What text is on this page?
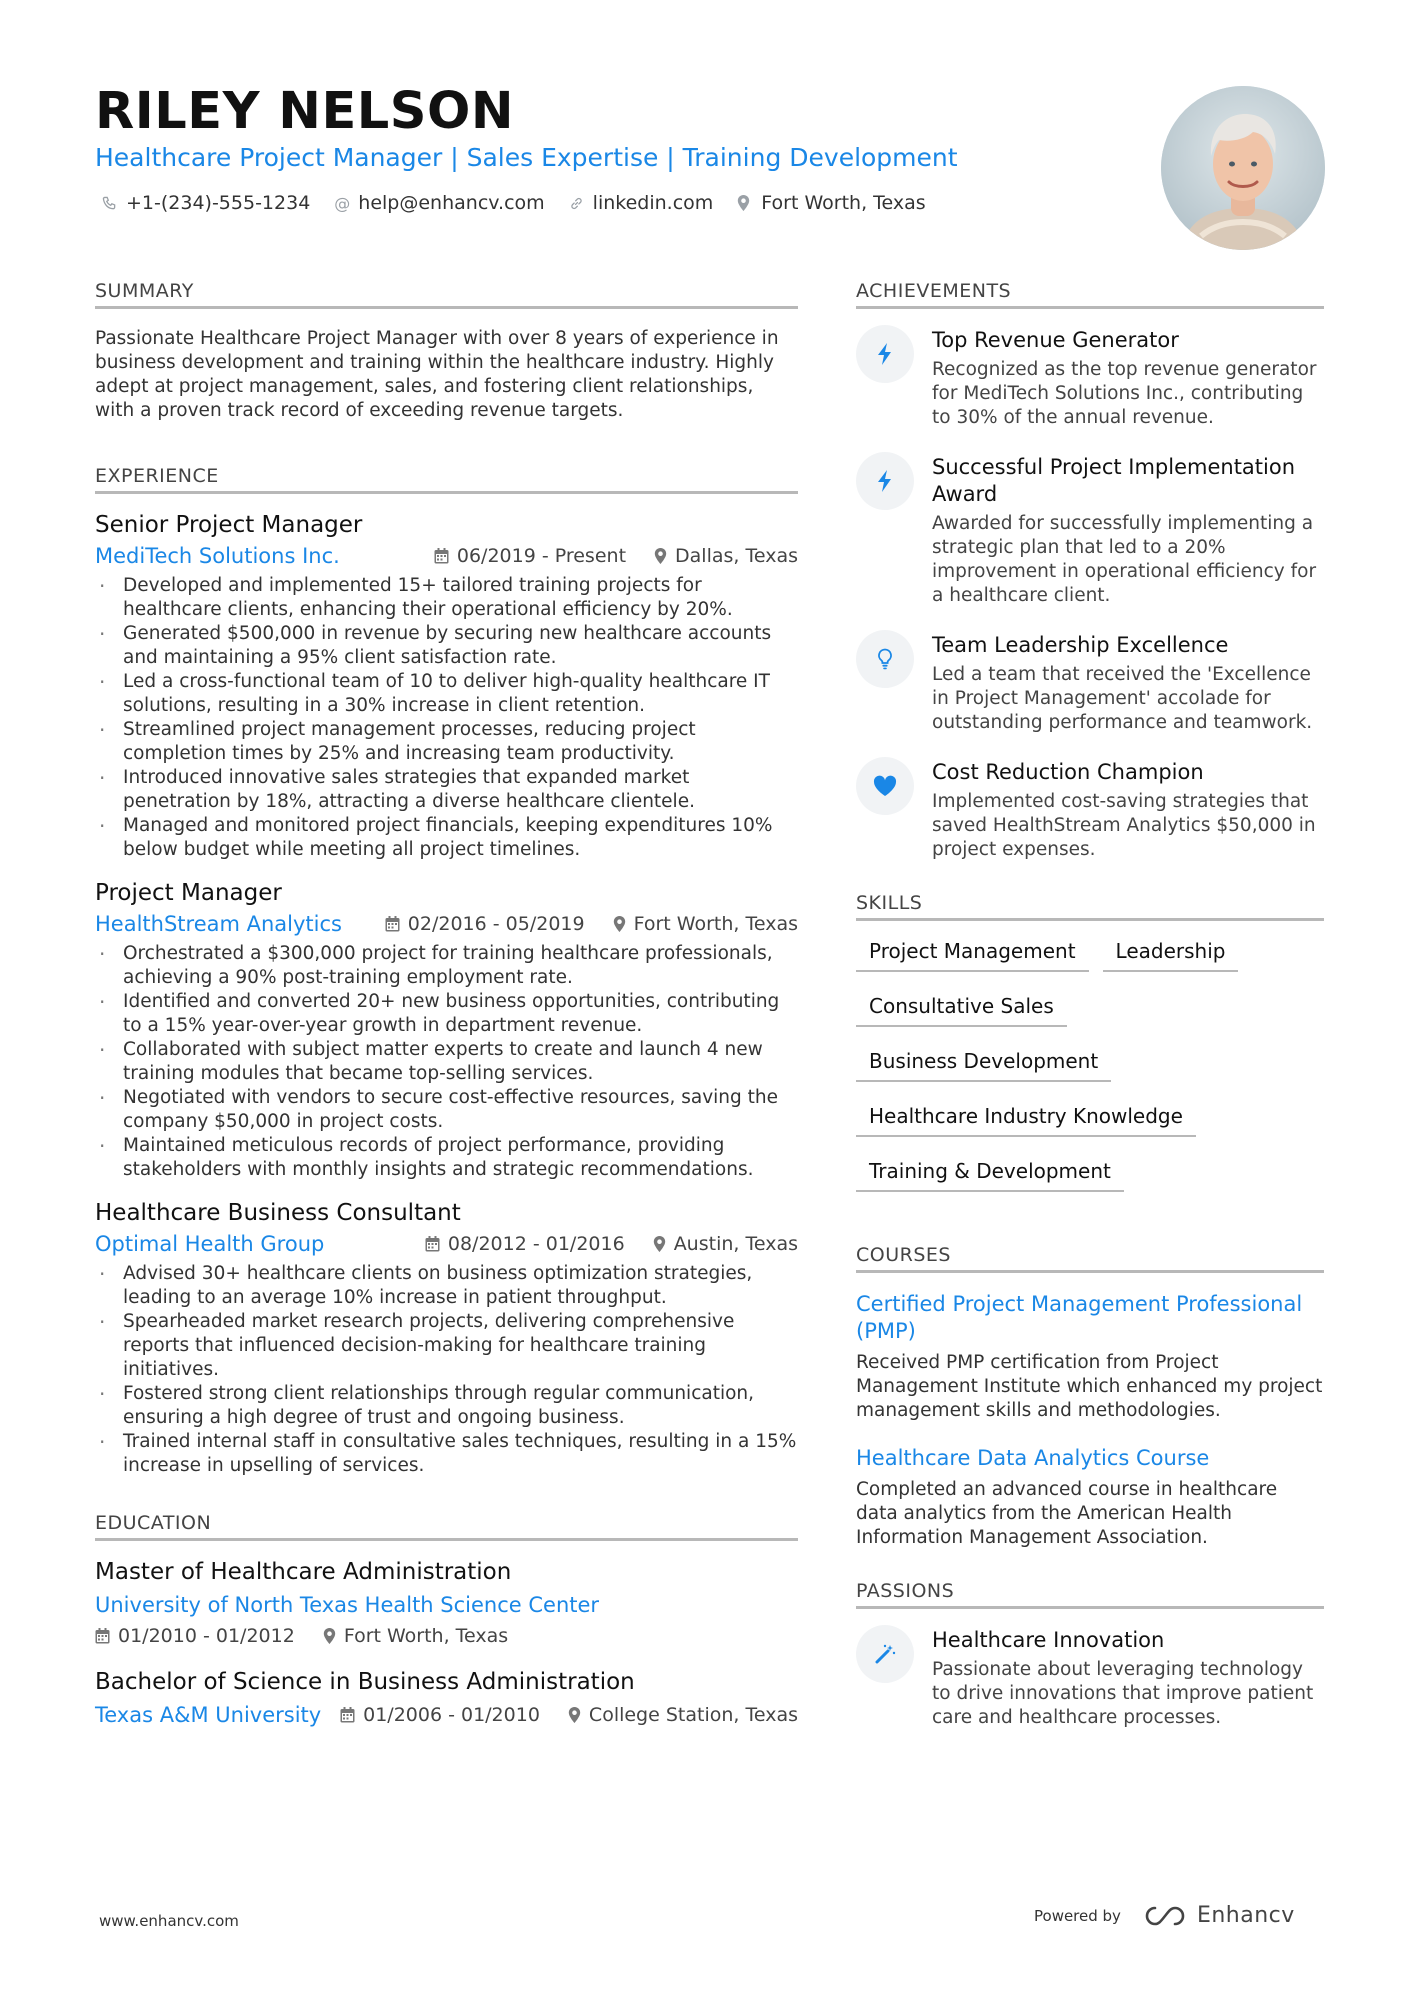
RILEY NELSON
Healthcare Project Manager | Sales Expertise | Training Development
+1-(234)-555-1234 @ help@enhancv.com	linkedin.com	Fort Worth, Texas
SUMMARY
Passionate Healthcare Project Manager with over 8 years of experience in business development and training within the healthcare industry. Highly adept at project management, sales, and fostering client relationships, with a proven track record of exceeding revenue targets.
EXPERIENCE
Senior Project Manager
MediTech Solutions Inc.	06/2019 - Present	Dallas, Texas
· Developed and implemented 15+ tailored training projects for healthcare clients, enhancing their operational efficiency by 20%.
· Generated $500,000 in revenue by securing new healthcare accounts and maintaining a 95% client satisfaction rate.
· Led a cross-functional team of 10 to deliver high-quality healthcare IT solutions, resulting in a 30% increase in client retention.
· Streamlined project management processes, reducing project completion times by 25% and increasing team productivity.
· Introduced innovative sales strategies that expanded market penetration by 18%, attracting a diverse healthcare clientele.
· Managed and monitored project financials, keeping expenditures 10% below budget while meeting all project timelines.
Project Manager
HealthStream Analytics	02/2016 - 05/2019	Fort Worth, Texas
· Orchestrated a $300,000 project for training healthcare professionals, achieving a 90% post-training employment rate.
· Identified and converted 20+ new business opportunities, contributing to a 15% year-over-year growth in department revenue.
· Collaborated with subject matter experts to create and launch 4 new training modules that became top-selling services.
· Negotiated with vendors to secure cost-effective resources, saving the company $50,000 in project costs.
· Maintained meticulous records of project performance, providing stakeholders with monthly insights and strategic recommendations.
Healthcare Business Consultant
Optimal Health Group	08/2012 - 01/2016	Austin, Texas
· Advised 30+ healthcare clients on business optimization strategies, leading to an average 10% increase in patient throughput.
· Spearheaded market research projects, delivering comprehensive reports that influenced decision-making for healthcare training initiatives.
· Fostered strong client relationships through regular communication, ensuring a high degree of trust and ongoing business.
· Trained internal staff in consultative sales techniques, resulting in a 15% increase in upselling of services.
EDUCATION
Master of Healthcare Administration
University of North Texas Health Science Center
01/2010 - 01/2012	Fort Worth, Texas
Bachelor of Science in Business Administration
Texas A&M University 01/2006 - 01/2010	College Station, Texas
ACHIEVEMENTS
Top Revenue Generator
Recognized as the top revenue generator for MediTech Solutions Inc., contributing to 30% of the annual revenue.
Successful Project Implementation Award
Awarded for successfully implementing a strategic plan that led to a 20% improvement in operational efficiency for a healthcare client.
Team Leadership Excellence
Led a team that received the 'Excellence in Project Management' accolade for outstanding performance and teamwork.
Cost Reduction Champion
Implemented cost-saving strategies that saved HealthStream Analytics $50,000 in project expenses.
SKILLS
Project Management	Leadership
Consultative Sales
Business Development
Healthcare Industry Knowledge
Training & Development
COURSES
Certified Project Management Professional (PMP)
Received PMP certification from Project Management Institute which enhanced my project management skills and methodologies.
Healthcare Data Analytics Course
Completed an advanced course in healthcare data analytics from the American Health Information Management Association.
PASSIONS
Healthcare Innovation
Passionate about leveraging technology to drive innovations that improve patient care and healthcare processes.
www.enhancv.com	Powered by	Enhancv
